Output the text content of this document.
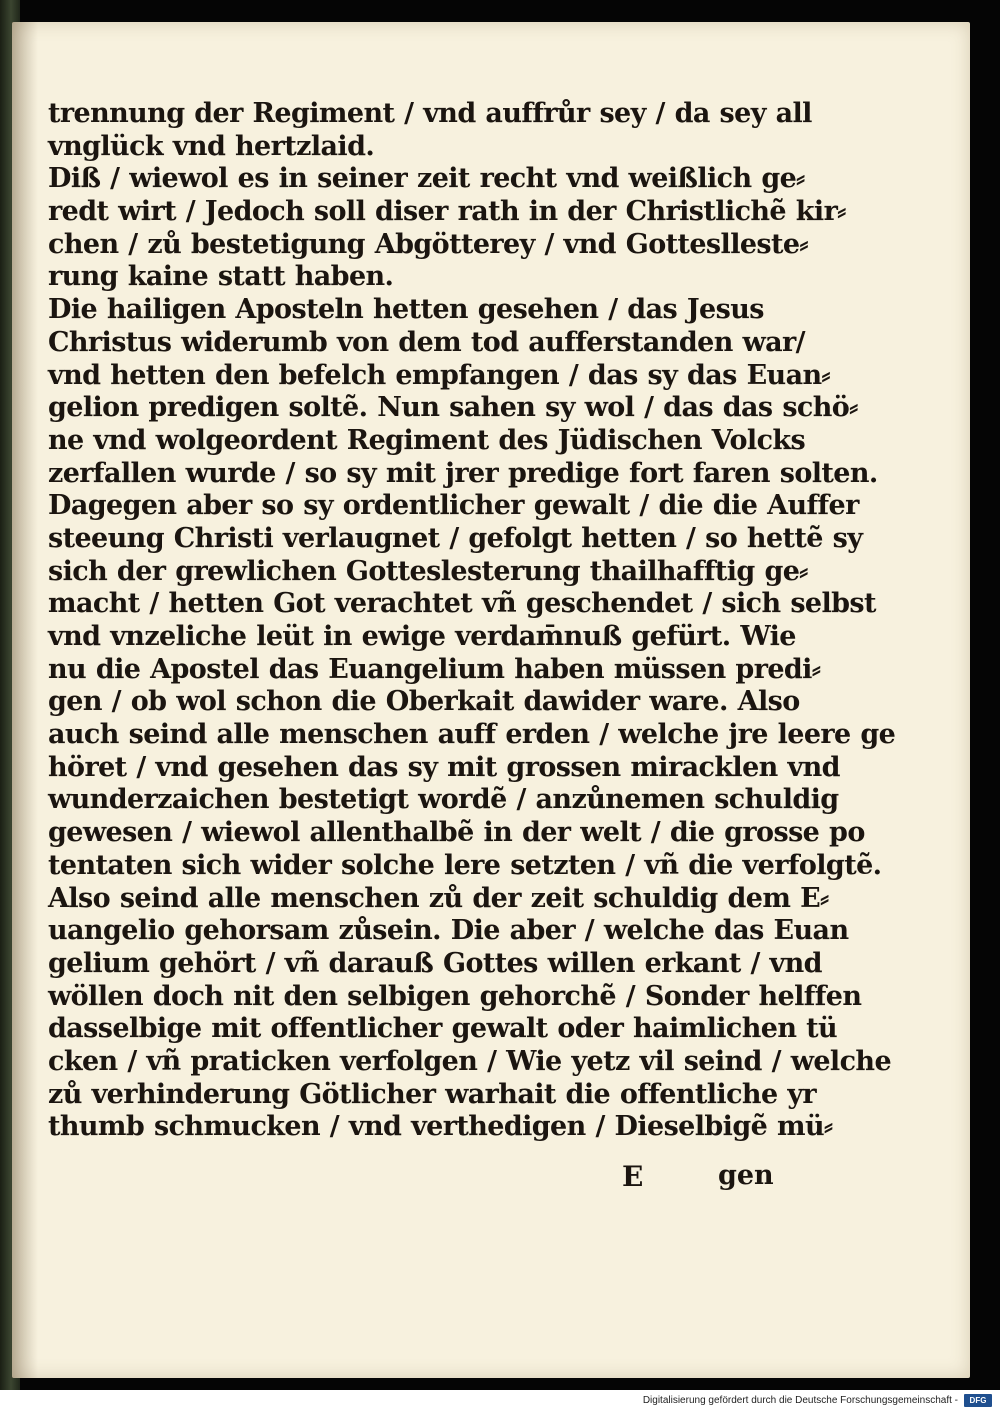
trennung der Regiment / vnd auffrůr sey / da sey all
vnglück vnd hertzlaid.
Diß / wiewol es in seiner zeit recht vnd weißlich ge⸗
redt wirt / Jedoch soll diser rath in der Christlichẽ kir⸗
chen / zů bestetigung Abgötterey / vnd Gotteslleste⸗
rung kaine statt haben.
Die hailigen Aposteln hetten gesehen / das Jesus
Christus widerumb von dem tod aufferstanden war/
vnd hetten den befelch empfangen / das sy das Euan⸗
gelion predigen soltẽ. Nun sahen sy wol / das das schö⸗
ne vnd wolgeordent Regiment des Jüdischen Volcks
zerfallen wurde / so sy mit jrer predige fort faren solten.
Dagegen aber so sy ordentlicher gewalt / die die Auffer
steeung Christi verlaugnet / gefolgt hetten / so hettẽ sy
sich der grewlichen Gotteslesterung thailhafftig ge⸗
macht / hetten Got verachtet vñ geschendet / sich selbst
vnd vnzeliche leüt in ewige verdam̄nuß gefürt. Wie
nu die Apostel das Euangelium haben müssen predi⸗
gen / ob wol schon die Oberkait dawider ware. Also
auch seind alle menschen auff erden / welche jre leere ge
höret / vnd gesehen das sy mit grossen miracklen vnd
wunderzaichen bestetigt wordẽ / anzůnemen schuldig
gewesen / wiewol allenthalbẽ in der welt / die grosse po
tentaten sich wider solche lere setzten / vñ die verfolgtẽ.
Also seind alle menschen zů der zeit schuldig dem E⸗
uangelio gehorsam zůsein. Die aber / welche das Euan
gelium gehört / vñ darauß Gottes willen erkant / vnd
wöllen doch nit den selbigen gehorchẽ / Sonder helffen
dasselbige mit offentlicher gewalt oder haimlichen tü
cken / vñ praticken verfolgen / Wie yetz vil seind / welche
zů verhinderung Götlicher warhait die offentliche yr
thumb schmucken / vnd verthedigen / Dieselbigẽ mü⸗
E	gen
Digitalisierung gefördert durch die Deutsche Forschungsgemeinschaft -	DFG
